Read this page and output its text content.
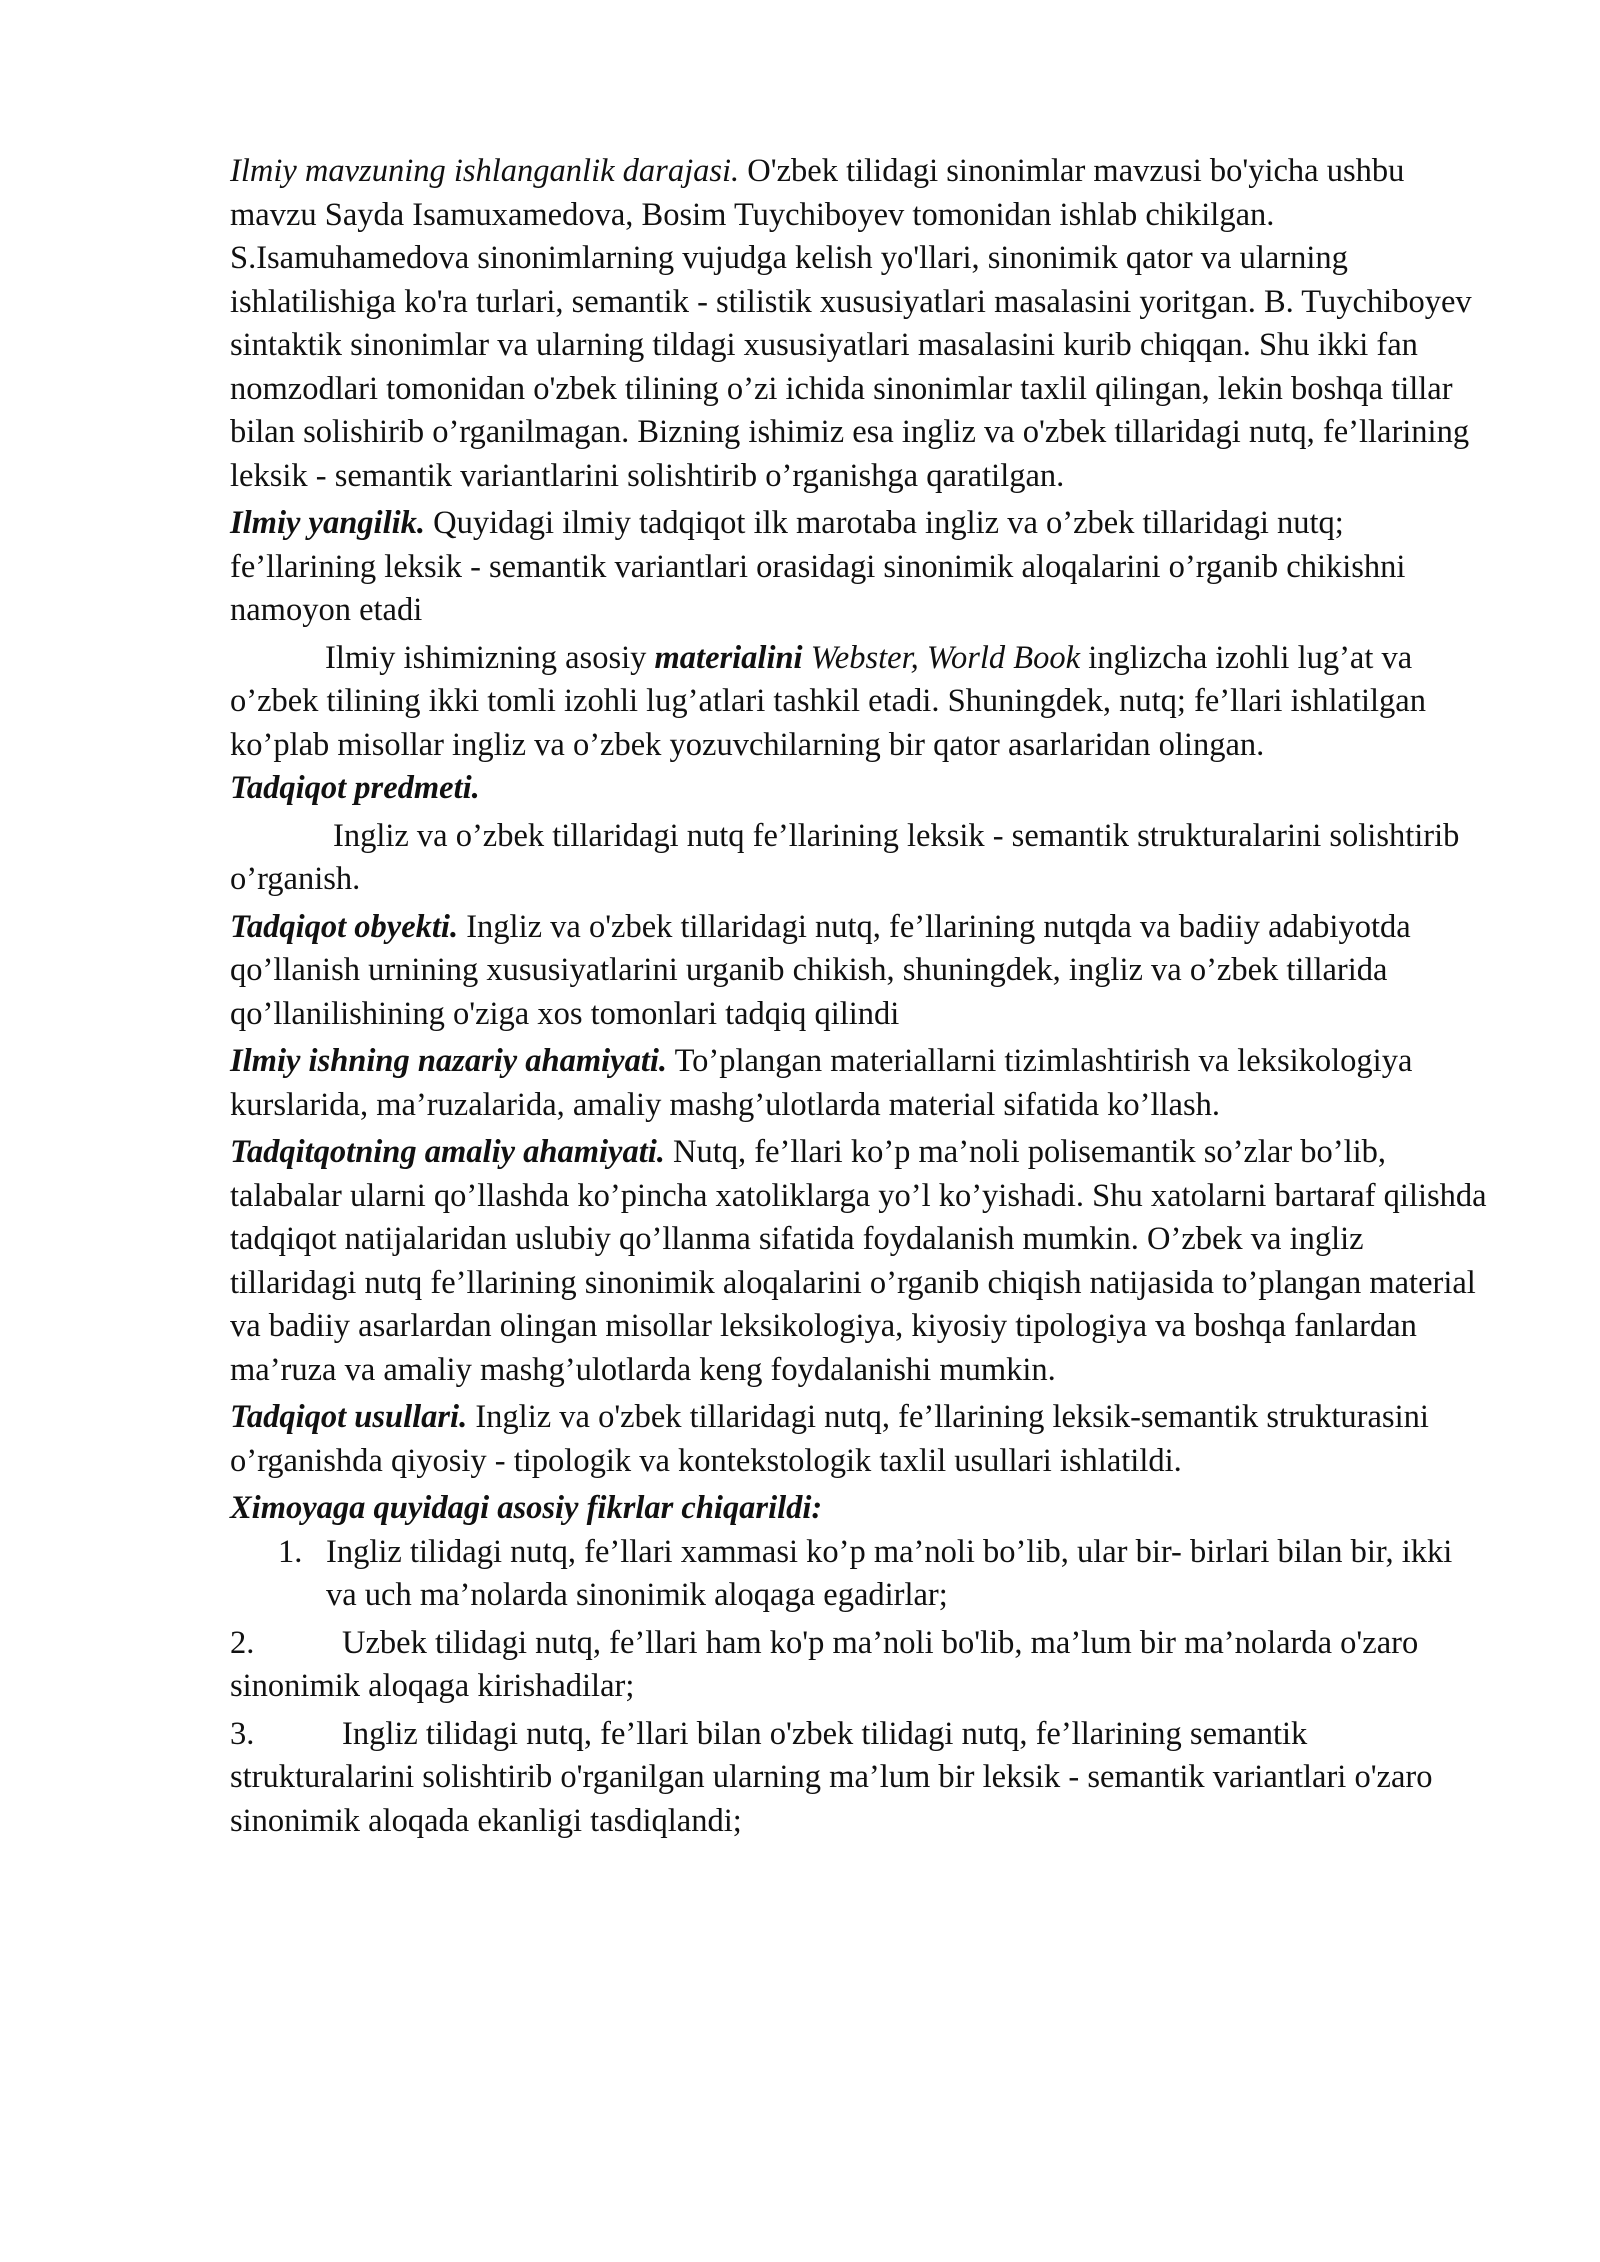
Ilmiy mavzuning ishlanganlik darajasi. O'zbek tilidagi sinonimlar mavzusi bo'yicha ushbu mavzu Sayda Isamuxamedova, Bosim Tuychiboyev tomonidan ishlab chikilgan. S.Isamuhamedova sinonimlarning vujudga kelish yo'llari, sinonimik qator va ularning ishlatilishiga ko'ra turlari, semantik - stilistik xususiyatlari masalasini yoritgan. B. Tuychiboyev sintaktik sinonimlar va ularning tildagi xususiyatlari masalasini kurib chiqqan. Shu ikki fan nomzodlari tomonidan o'zbek tilining o’zi ichida sinonimlar taxlil qilingan, lekin boshqa tillar bilan solishirib o’rganilmagan. Bizning ishimiz esa ingliz va o'zbek tillaridagi nutq, fe’llarining leksik - semantik variantlarini solishtirib o’rganishga qaratilgan.

Ilmiy yangilik. Quyidagi ilmiy tadqiqot ilk marotaba ingliz va o’zbek tillaridagi nutq; fe’llarining leksik - semantik variantlari orasidagi sinonimik aloqalarini o’rganib chikishni namoyon etadi

Ilmiy ishimizning asosiy materialini Webster, World Book inglizcha izohli lug’at va o’zbek tilining ikki tomli izohli lug’atlari tashkil etadi. Shuningdek, nutq; fe’llari ishlatilgan ko’plab misollar ingliz va o’zbek yozuvchilarning bir qator asarlaridan olingan.

Tadqiqot predmeti.

Ingliz va o’zbek tillaridagi nutq fe’llarining leksik - semantik strukturalarini solishtirib o’rganish.

Tadqiqot obyekti. Ingliz va o'zbek tillaridagi nutq, fe’llarining nutqda va badiiy adabiyotda qo’llanish urnining xususiyatlarini urganib chikish, shuningdek, ingliz va o’zbek tillarida qo’llanilishining o'ziga xos tomonlari tadqiq qilindi

Ilmiy ishning nazariy ahamiyati. To’plangan materiallarni tizimlashtirish va leksikologiya kurslarida, ma’ruzalarida, amaliy mashg’ulotlarda material sifatida ko’llash.

Tadqitqotning amaliy ahamiyati. Nutq, fe’llari ko’p ma’noli polisemantik so’zlar bo’lib, talabalar ularni qo’llashda ko’pincha xatoliklarga yo’l ko’yishadi. Shu xatolarni bartaraf qilishda tadqiqot natijalaridan uslubiy qo’llanma sifatida foydalanish mumkin. O’zbek va ingliz tillaridagi nutq fe’llarining sinonimik aloqalarini o’rganib chiqish natijasida to’plangan material va badiiy asarlardan olingan misollar leksikologiya, kiyosiy tipologiya va boshqa fanlardan ma’ruza va amaliy mashg’ulotlarda keng foydalanishi mumkin.

Tadqiqot usullari. Ingliz va o'zbek tillaridagi nutq, fe’llarining leksik-semantik strukturasini o’rganishda qiyosiy - tipologik va kontekstologik taxlil usullari ishlatildi.

Ximoyaga quyidagi asosiy fikrlar chiqarildi:

1. Ingliz tilidagi nutq, fe’llari xammasi ko’p ma’noli bo’lib, ular bir- birlari bilan bir, ikki va uch ma’nolarda sinonimik aloqaga egadirlar;

2.	Uzbek tilidagi nutq, fe’llari ham ko'p ma’noli bo'lib, ma’lum bir ma’nolarda o'zaro sinonimik aloqaga kirishadilar;

3.	Ingliz tilidagi nutq, fe’llari bilan o'zbek tilidagi nutq, fe’llarining semantik strukturalarini solishtirib o'rganilgan ularning ma’lum bir leksik - semantik variantlari o'zaro sinonimik aloqada ekanligi tasdiqlandi;
